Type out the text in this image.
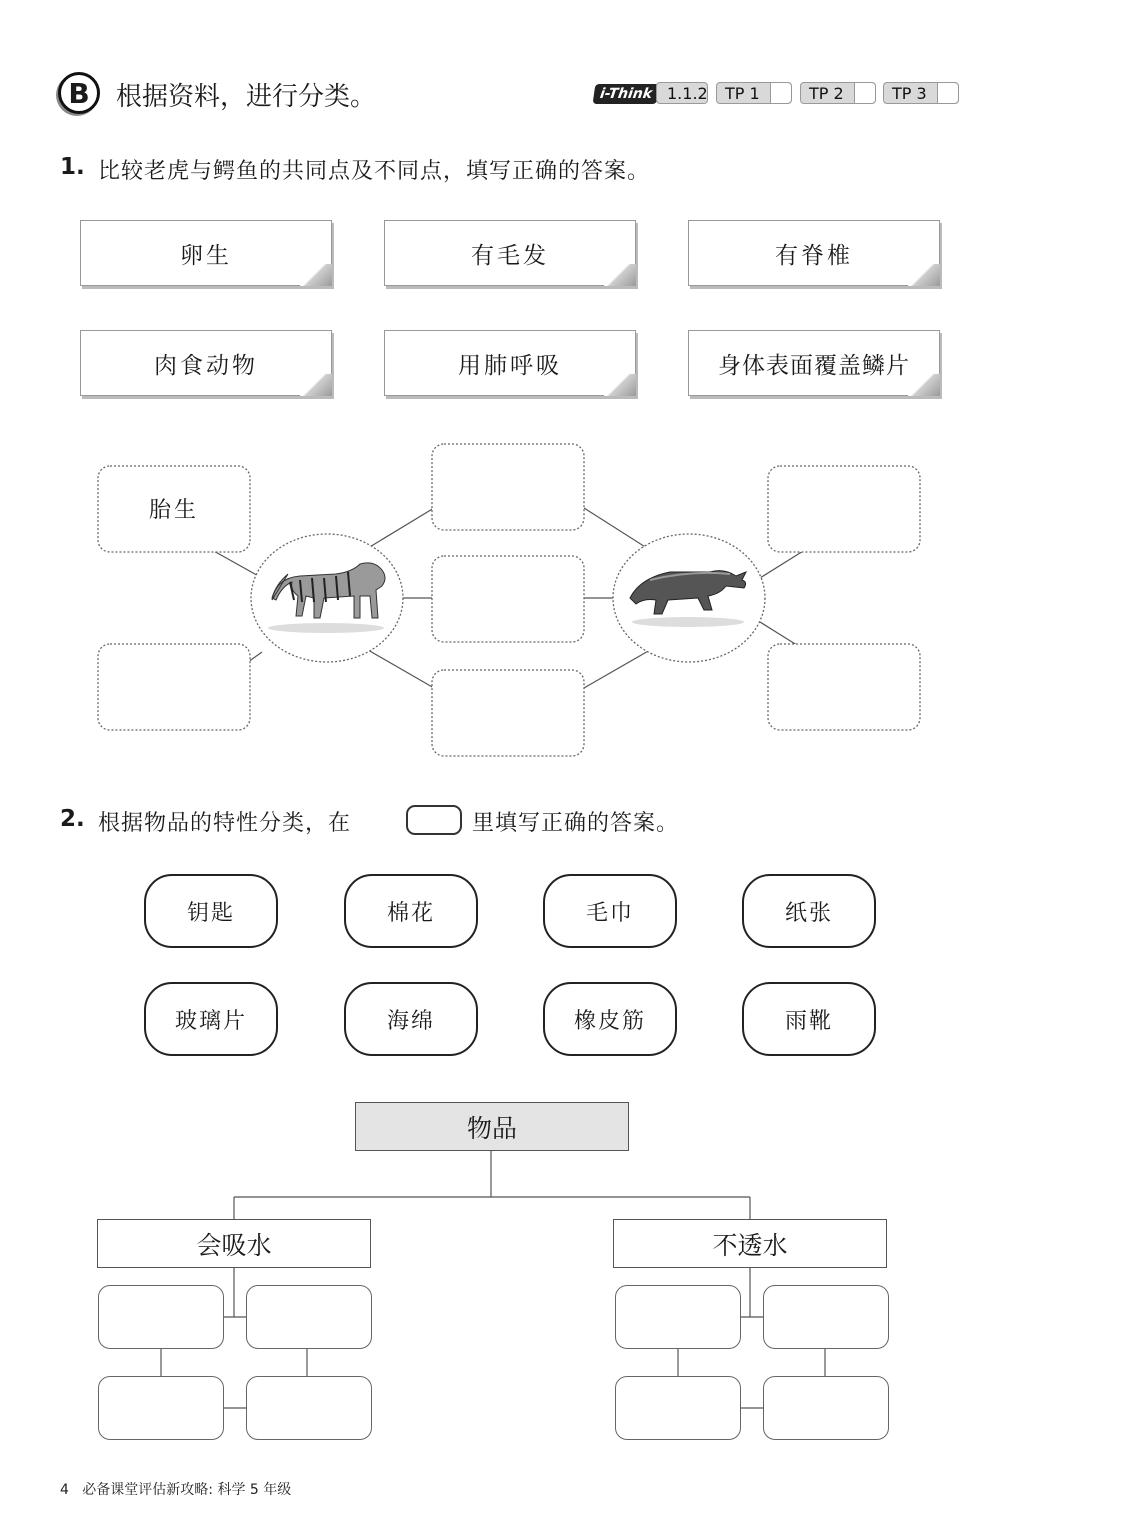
B 根据资料，进行分类。	i-Think 1.1.2	TP 1	TP 2	TP 3
1. 比较老虎与鳄鱼的共同点及不同点，填写正确的答案。
卵生	有毛发	有脊椎
肉食动物	用肺呼吸	身体表面覆盖鳞片
胎生
2. 根据物品的特性分类，在	里填写正确的答案。
钥匙	棉花	毛巾	纸张
玻璃片	海绵	橡皮筋	雨靴
物品
会吸水	不透水
4 必备课堂评估新攻略: 科学 5 年级
